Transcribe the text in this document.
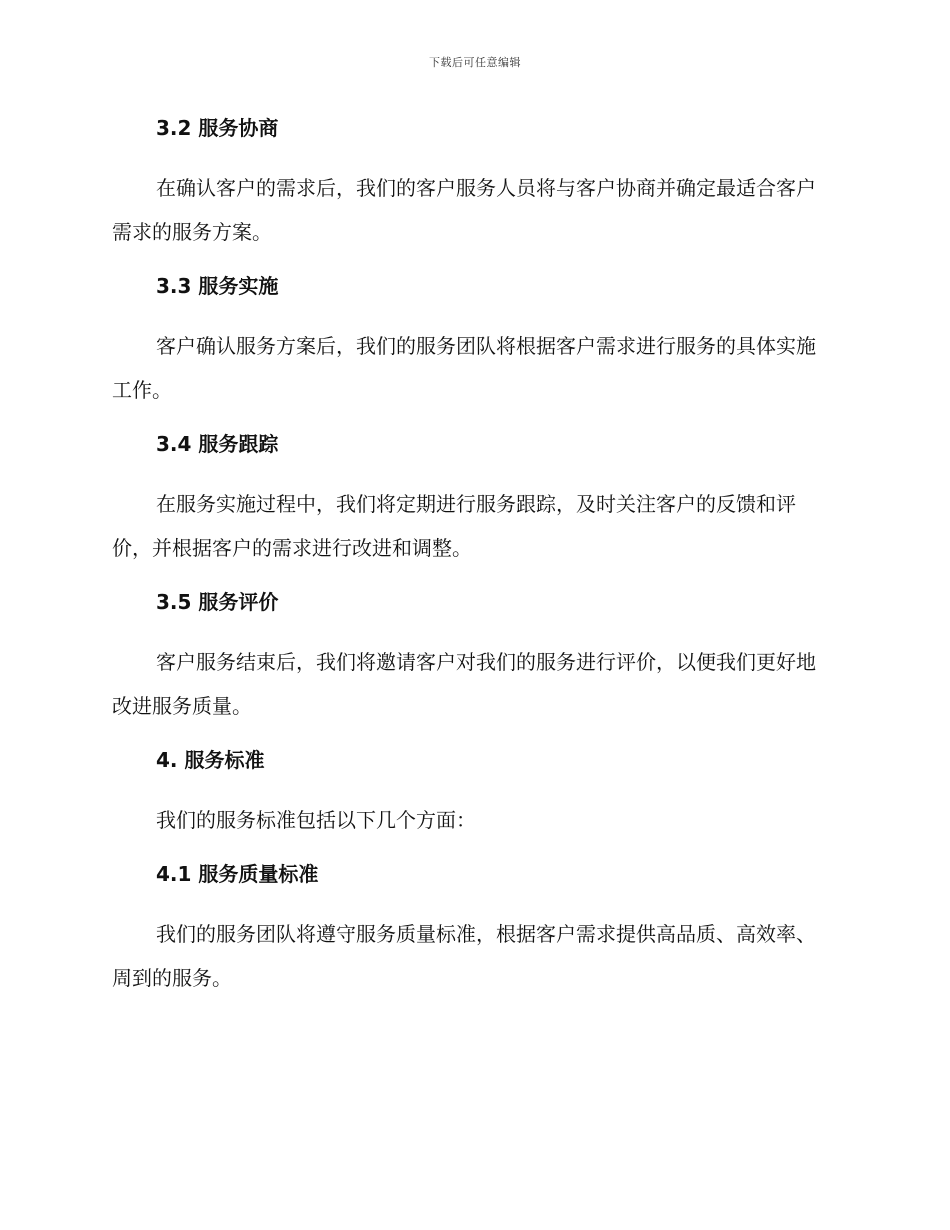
下载后可任意编辑
3.2 服务协商

在确认客户的需求后，我们的客户服务人员将与客户协商并确定最适合客户需求的服务方案。

3.3 服务实施

客户确认服务方案后，我们的服务团队将根据客户需求进行服务的具体实施工作。

3.4 服务跟踪

在服务实施过程中，我们将定期进行服务跟踪，及时关注客户的反馈和评价，并根据客户的需求进行改进和调整。

3.5 服务评价

客户服务结束后，我们将邀请客户对我们的服务进行评价，以便我们更好地改进服务质量。

4. 服务标准

我们的服务标准包括以下几个方面：

4.1 服务质量标准

我们的服务团队将遵守服务质量标准，根据客户需求提供高品质、高效率、周到的服务。
